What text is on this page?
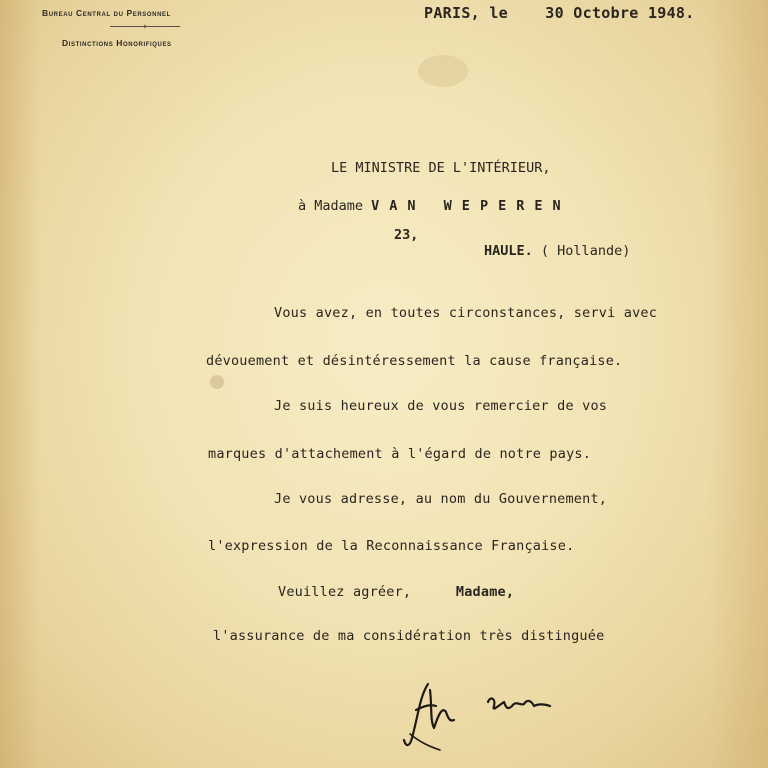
Bureau Central du Personnel
✦
Distinctions Honorifiques
PARIS, le    30 Octobre 1948.
LE MINISTRE DE L'INTÉRIEUR,
à Madame VAN WEPEREN
23,
HAULE. ( Hollande)
Vous avez, en toutes circonstances, servi avec
dévouement et désintéressement la cause française.
Je suis heureux de vous remercier de vos
marques d'attachement à l'égard de notre pays.
Je vous adresse, au nom du Gouvernement,
l'expression de la Reconnaissance Française.
Veuillez agréer,	Madame,
l'assurance de ma considération très distinguée
